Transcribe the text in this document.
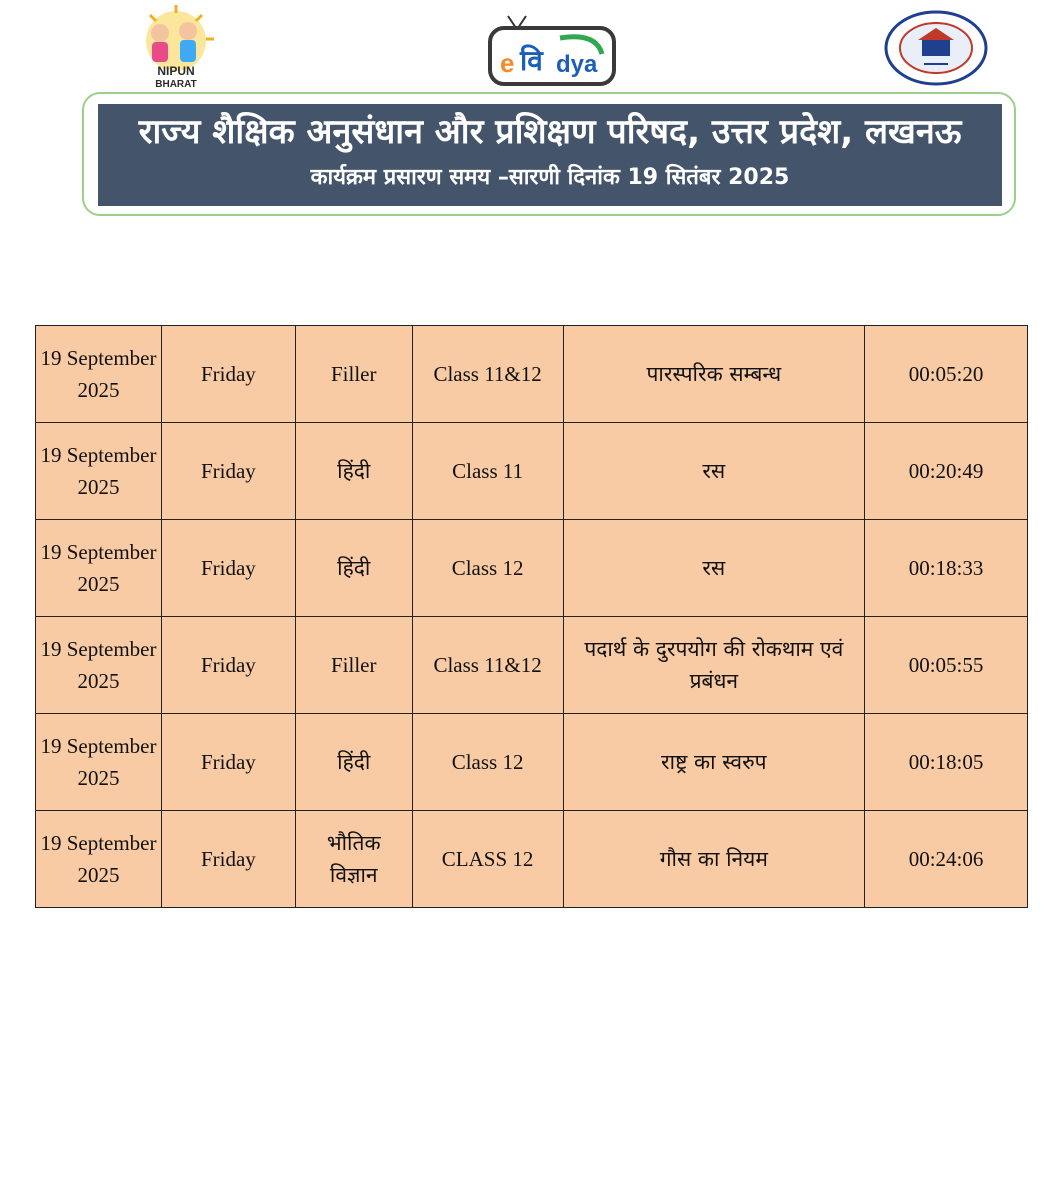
NIPUN
BHARAT
e वि dya
राज्य शैक्षिक अनुसंधान और प्रशिक्षण परिषद, उत्तर प्रदेश, लखनऊ
कार्यक्रम प्रसारण समय –सारणी दिनांक 19 सितंबर 2025
19 September 2025	Friday	Filler	Class 11&12	पारस्परिक सम्बन्ध	00:05:20
19 September 2025	Friday	हिंदी	Class 11	रस	00:20:49
19 September 2025	Friday	हिंदी	Class 12	रस	00:18:33
19 September 2025	Friday	Filler	Class 11&12	पदार्थ के दुरपयोग की रोकथाम एवं प्रबंधन	00:05:55
19 September 2025	Friday	हिंदी	Class 12	राष्ट्र का स्वरुप	00:18:05
19 September 2025	Friday	भौतिक विज्ञान	CLASS 12	गौस का नियम	00:24:06
